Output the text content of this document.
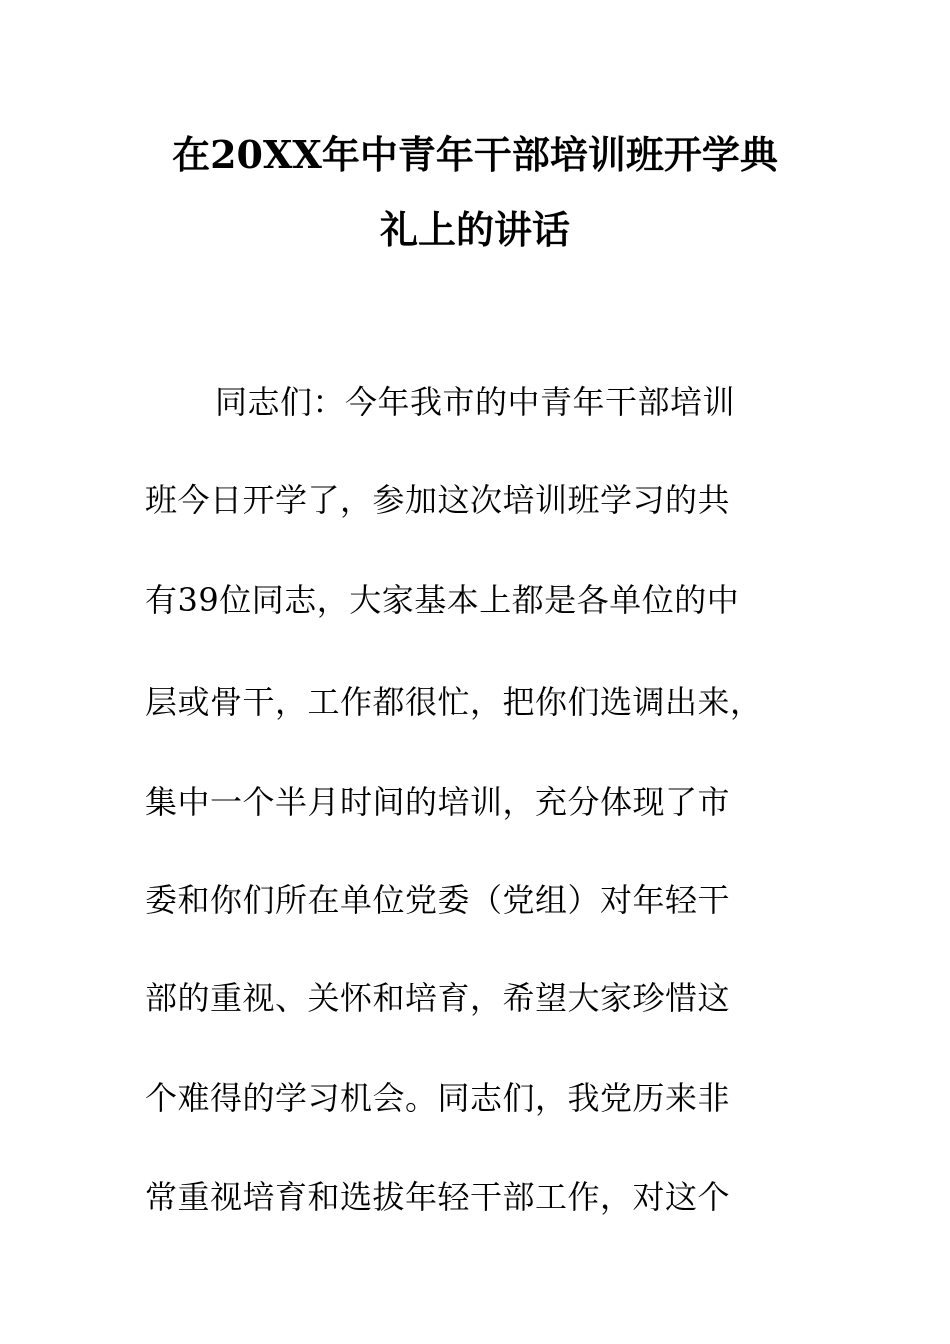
在20XX年中青年干部培训班开学典
礼上的讲话
同志们：今年我市的中青年干部培训
班今日开学了，参加这次培训班学习的共
有39位同志，大家基本上都是各单位的中
层或骨干，工作都很忙，把你们选调出来，
集中一个半月时间的培训，充分体现了市
委和你们所在单位党委（党组）对年轻干
部的重视、关怀和培育，希望大家珍惜这
个难得的学习机会。同志们，我党历来非
常重视培育和选拔年轻干部工作，对这个
